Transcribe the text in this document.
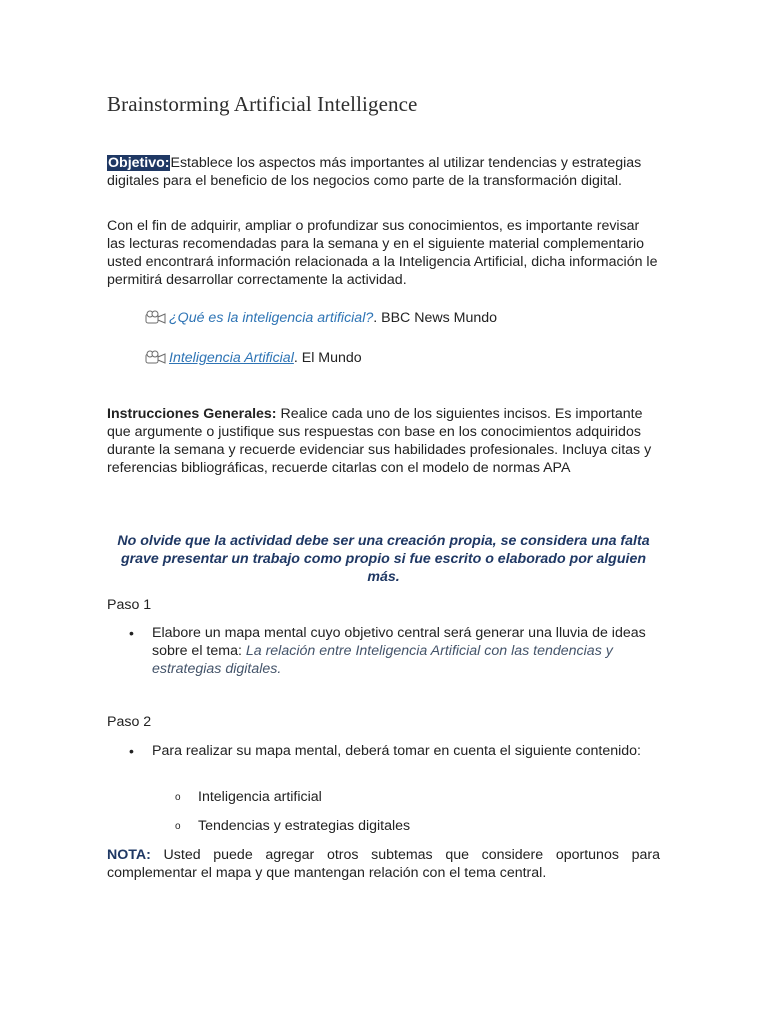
Brainstorming Artificial Intelligence
Objetivo:Establece los aspectos más importantes al utilizar tendencias y estrategias digitales para el beneficio de los negocios como parte de la transformación digital.
Con el fin de adquirir, ampliar o profundizar sus conocimientos, es importante revisar las lecturas recomendadas para la semana y en el siguiente material complementario usted encontrará información relacionada a la Inteligencia Artificial, dicha información le permitirá desarrollar correctamente la actividad.
¿Qué es la inteligencia artificial? . BBC News Mundo
Inteligencia Artificial . El Mundo
Instrucciones Generales: Realice cada uno de los siguientes incisos. Es importante que argumente o justifique sus respuestas con base en los conocimientos adquiridos durante la semana y recuerde evidenciar sus habilidades profesionales. Incluya citas y referencias bibliográficas, recuerde citarlas con el modelo de normas APA
No olvide que la actividad debe ser una creación propia, se considera una falta grave presentar un trabajo como propio si fue escrito o elaborado por alguien más.
Paso 1
• Elabore un mapa mental cuyo objetivo central será generar una lluvia de ideas sobre el tema: La relación entre Inteligencia Artificial con las tendencias y estrategias digitales.
Paso 2
• Para realizar su mapa mental, deberá tomar en cuenta el siguiente contenido:
o Inteligencia artificial
o Tendencias y estrategias digitales
NOTA: Usted puede agregar otros subtemas que considere oportunos para complementar el mapa y que mantengan relación con el tema central.
